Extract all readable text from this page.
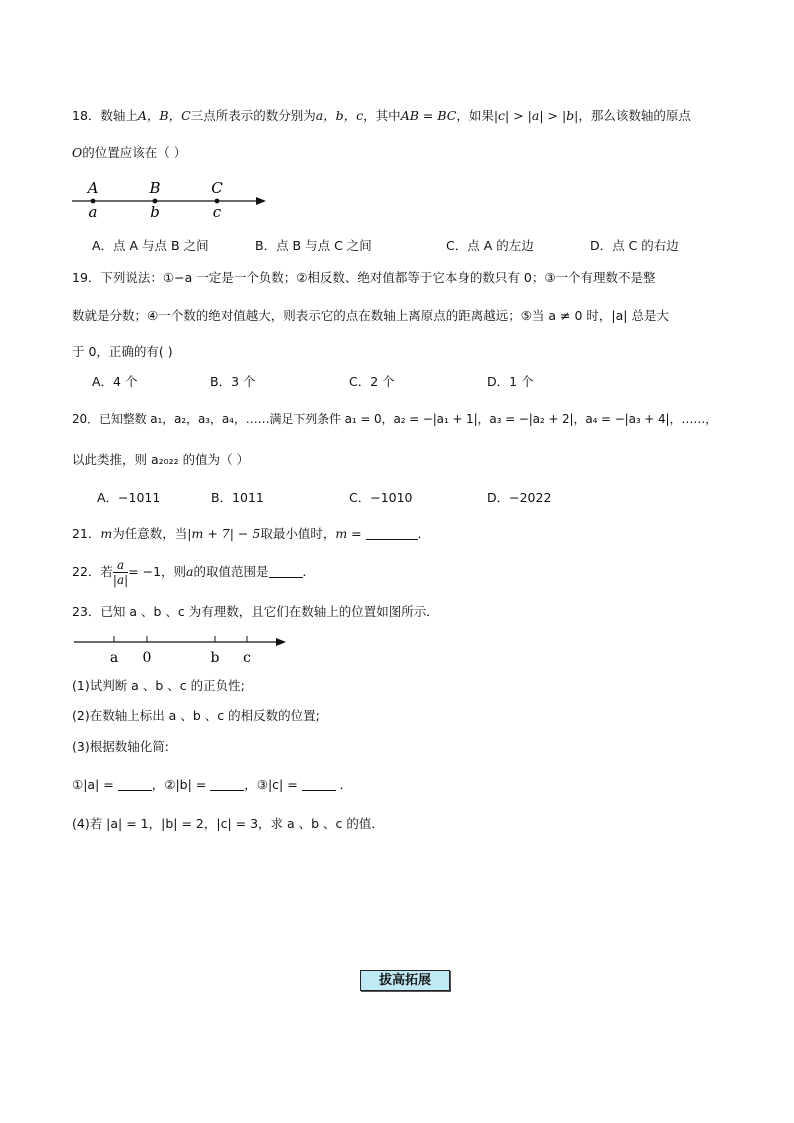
18．数轴上A，B，C三点所表示的数分别为a，b，c，其中AB = BC，如果|c| > |a| > |b|，那么该数轴的原点
O的位置应该在（ ）
A	B	C
a	b	c
A．点 A 与点 B 之间	B．点 B 与点 C 之间	C．点 A 的左边	D．点 C 的右边
19．下列说法：①−a 一定是一个负数；②相反数、绝对值都等于它本身的数只有 0；③一个有理数不是整
数就是分数；④一个数的绝对值越大，则表示它的点在数轴上离原点的距离越远；⑤当 a ≠ 0 时，|a| 总是大
于 0，正确的有( )
A．4 个	B．3 个	C．2 个	D．1 个
20．已知整数 a₁，a₂，a₃，a₄，……满足下列条件 a₁ = 0，a₂ = −|a₁ + 1|，a₃ = −|a₂ + 2|，a₄ = −|a₃ + 4|，……，
以此类推，则 a₂₀₂₂ 的值为（ ）
A．−1011	B．1011	C．−1010	D．−2022
21．m为任意数，当|m + 7| − 5取最小值时，m =	．
22．若 $\frac{a}{|a|} = -1$，则a的取值范围是	．
23．已知 a 、b 、c 为有理数，且它们在数轴上的位置如图所示．
a 0	b c
(1)试判断 a 、b 、c 的正负性;
(2)在数轴上标出 a 、b 、c 的相反数的位置;
(3)根据数轴化简:
①|a| =	，②|b| =	，③|c| =	．
(4)若 |a| = 1，|b| = 2，|c| = 3，求 a 、b 、c 的值．
拔高拓展
